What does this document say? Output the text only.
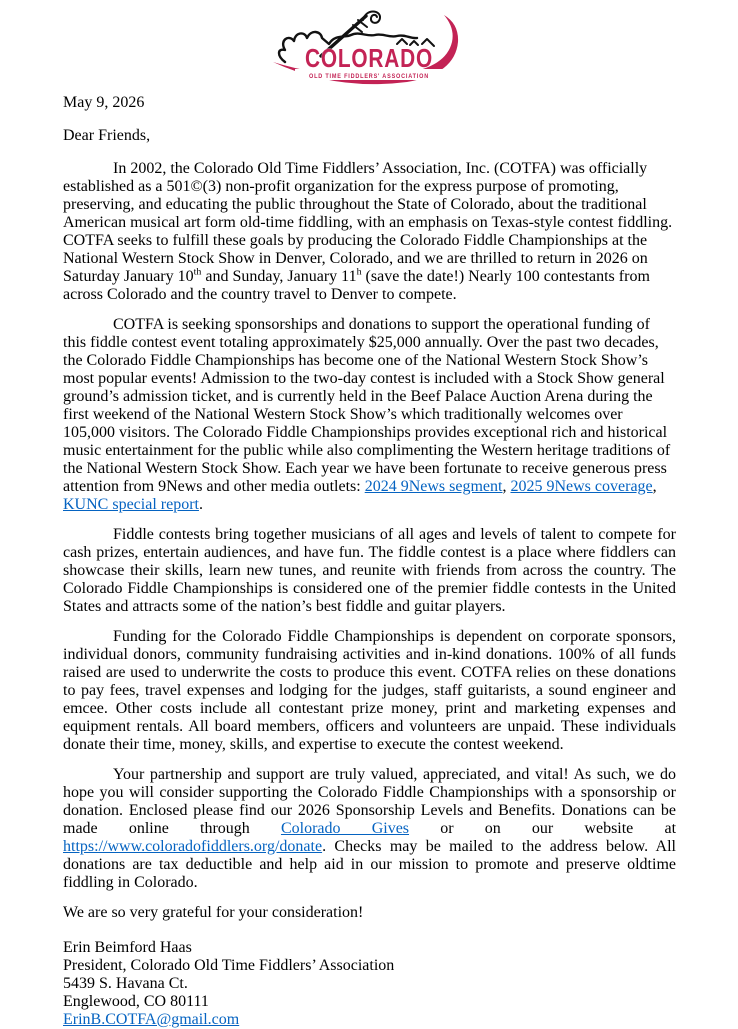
COLORADO
OLD TIME FIDDLERS' ASSOCIATION
May 9, 2026
Dear Friends,

In 2002, the Colorado Old Time Fiddlers’ Association, Inc. (COTFA) was officially established as a 501©(3) non-profit organization for the express purpose of promoting, preserving, and educating the public throughout the State of Colorado, about the traditional American musical art form old-time fiddling, with an emphasis on Texas-style contest fiddling. COTFA seeks to fulfill these goals by producing the Colorado Fiddle Championships at the National Western Stock Show in Denver, Colorado, and we are thrilled to return in 2026 on Saturday January 10th and Sunday, January 11$^h$ (save the date!) Nearly 100 contestants from across Colorado and the country travel to Denver to compete.

COTFA is seeking sponsorships and donations to support the operational funding of this fiddle contest event totaling approximately $25,000 annually. Over the past two decades, the Colorado Fiddle Championships has become one of the National Western Stock Show’s most popular events! Admission to the two-day contest is included with a Stock Show general ground’s admission ticket, and is currently held in the Beef Palace Auction Arena during the first weekend of the National Western Stock Show’s which traditionally welcomes over 105,000 visitors. The Colorado Fiddle Championships provides exceptional rich and historical music entertainment for the public while also complimenting the Western heritage traditions of the National Western Stock Show. Each year we have been fortunate to receive generous press attention from 9News and other media outlets: 2024 9News segment, 2025 9News coverage, KUNC special report.

Fiddle contests bring together musicians of all ages and levels of talent to compete for cash prizes, entertain audiences, and have fun. The fiddle contest is a place where fiddlers can showcase their skills, learn new tunes, and reunite with friends from across the country. The Colorado Fiddle Championships is considered one of the premier fiddle contests in the United States and attracts some of the nation’s best fiddle and guitar players.

Funding for the Colorado Fiddle Championships is dependent on corporate sponsors, individual donors, community fundraising activities and in-kind donations. 100% of all funds raised are used to underwrite the costs to produce this event. COTFA relies on these donations to pay fees, travel expenses and lodging for the judges, staff guitarists, a sound engineer and emcee. Other costs include all contestant prize money, print and marketing expenses and equipment rentals. All board members, officers and volunteers are unpaid. These individuals donate their time, money, skills, and expertise to execute the contest weekend.

Your partnership and support are truly valued, appreciated, and vital! As such, we do hope you will consider supporting the Colorado Fiddle Championships with a sponsorship or donation. Enclosed please find our 2026 Sponsorship Levels and Benefits. Donations can be made online through Colorado Gives or on our website at https://www.coloradofiddlers.org/donate. Checks may be mailed to the address below. All donations are tax deductible and help aid in our mission to promote and preserve oldtime fiddling in Colorado.

We are so very grateful for your consideration!

Erin Beimford Haas
President, Colorado Old Time Fiddlers’ Association
5439 S. Havana Ct.
Englewood, CO 80111
ErinB.COTFA@gmail.com
